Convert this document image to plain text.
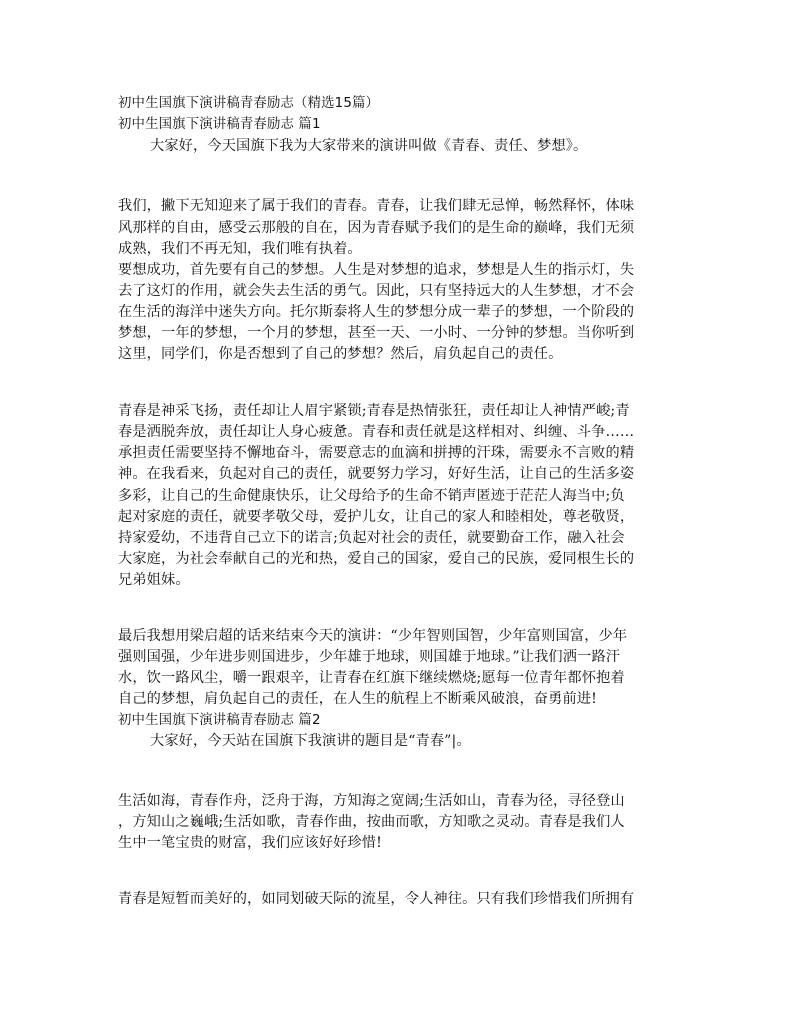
初中生国旗下演讲稿青春励志（精选15篇）
初中生国旗下演讲稿青春励志 篇1
大家好，今天国旗下我为大家带来的演讲叫做《青春、责任、梦想》。
我们，撇下无知迎来了属于我们的青春。青春，让我们肆无忌惮，畅然释怀，体味
风那样的自由，感受云那般的自在，因为青春赋予我们的是生命的巅峰，我们无须
成熟，我们不再无知，我们唯有执着。
要想成功，首先要有自己的梦想。人生是对梦想的追求，梦想是人生的指示灯，失
去了这灯的作用，就会失去生活的勇气。因此，只有坚持远大的人生梦想，才不会
在生活的海洋中迷失方向。托尔斯泰将人生的梦想分成一辈子的梦想，一个阶段的
梦想，一年的梦想，一个月的梦想，甚至一天、一小时、一分钟的梦想。当你听到
这里，同学们，你是否想到了自己的梦想？然后，肩负起自己的责任。
青春是神采飞扬，责任却让人眉宇紧锁;青春是热情张狂，责任却让人神情严峻;青
春是洒脱奔放，责任却让人身心疲惫。青春和责任就是这样相对、纠缠、斗争……
承担责任需要坚持不懈地奋斗，需要意志的血滴和拼搏的汗珠，需要永不言败的精
神。在我看来，负起对自己的责任，就要努力学习，好好生活，让自己的生活多姿
多彩，让自己的生命健康快乐，让父母给予的生命不销声匿迹于茫茫人海当中;负
起对家庭的责任，就要孝敬父母，爱护儿女，让自己的家人和睦相处，尊老敬贤，
持家爱幼，不违背自己立下的诺言;负起对社会的责任，就要勤奋工作，融入社会
大家庭，为社会奉献自己的光和热，爱自己的国家，爱自己的民族，爱同根生长的
兄弟姐妹。
最后我想用梁启超的话来结束今天的演讲：“少年智则国智，少年富则国富，少年
强则国强，少年进步则国进步，少年雄于地球，则国雄于地球。”让我们洒一路汗
水，饮一路风尘，嚼一跟艰辛，让青春在红旗下继续燃烧;愿每一位青年都怀抱着
自己的梦想，肩负起自己的责任，在人生的航程上不断乘风破浪，奋勇前进!
初中生国旗下演讲稿青春励志 篇2
大家好，今天站在国旗下我演讲的题目是“青春”|。
生活如海，青春作舟，泛舟于海，方知海之宽阔;生活如山，青春为径，寻径登山
，方知山之巍峨;生活如歌，青春作曲，按曲而歌，方知歌之灵动。青春是我们人
生中一笔宝贵的财富，我们应该好好珍惜!
青春是短暂而美好的，如同划破天际的流星，令人神往。只有我们珍惜我们所拥有
